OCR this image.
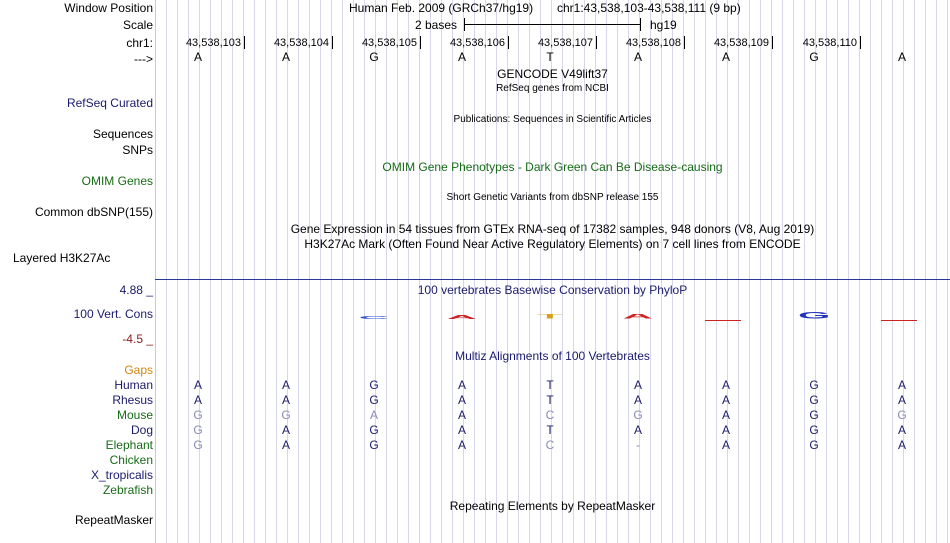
Window Position	Human Feb. 2009 (GRCh37/hg19) chr1:43,538,103-43,538,111 (9 bp)
Scale	2 bases	hg19
chr1:	43,538,103	43,538,104	43,538,105	43,538,106	43,538,107	43,538,108	43,538,109	43,538,110
--->	A	A	G	A	T	A	A	G	A
GENCODE V49lift37
RefSeq genes from NCBI
RefSeq Curated
Publications: Sequences in Scientific Articles
Sequences
SNPs
OMIM Gene Phenotypes - Dark Green Can Be Disease-causing
OMIM Genes
Short Genetic Variants from dbSNP release 155
Common dbSNP(155)
Gene Expression in 54 tissues from GTEx RNA-seq of 17382 samples, 948 donors (V8, Aug 2019)
H3K27Ac Mark (Often Found Near Active Regulatory Elements) on 7 cell lines from ENCODE
Layered H3K27Ac
4.88 _	100 vertebrates Basewise Conservation by PhyloP
100 Vert. Cons	C	A	T	A	G
-4.5 _
Multiz Alignments of 100 Vertebrates
Gaps
Human	A	A	G	A	T	A	A	G	A
Rhesus	A	A	G	A	T	A	A	G	A
Mouse	G	G	A	A	C	G	A	G	G
Dog	G	A	G	A	T	A	A	G	A
Elephant	G	A	G	A	C	-	A	G	A
Chicken
X_tropicalis
Zebrafish
Repeating Elements by RepeatMasker
RepeatMasker
